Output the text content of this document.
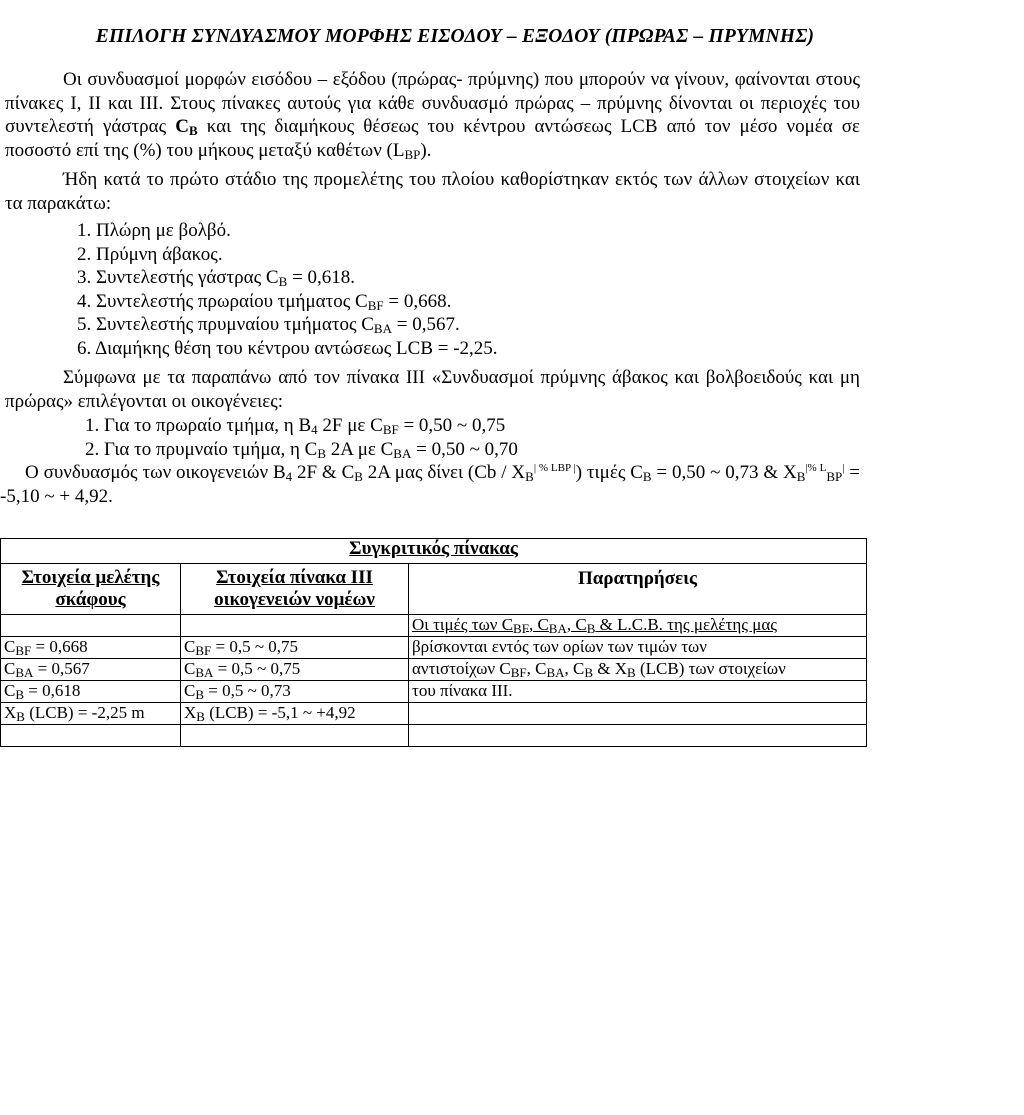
ΕΠΙΛΟΓΗ ΣΥΝΔΥΑΣΜΟΥ ΜΟΡΦΗΣ ΕΙΣΟΔΟΥ – ΕΞΟΔΟΥ (ΠΡΩΡΑΣ – ΠΡΥΜΝΗΣ)

Οι συνδυασμοί μορφών εισόδου – εξόδου (πρώρας- πρύμνης) που μπορούν να γίνουν, φαίνονται στους πίνακες I, II και III. Στους πίνακες αυτούς για κάθε συνδυασμό πρώρας – πρύμνης δίνονται οι περιοχές του συντελεστή γάστρας $C_B$ και της διαμήκους θέσεως του κέντρου αντώσεως LCB από τον μέσο νομέα σε ποσοστό επί της (%) του μήκους μεταξύ καθέτων $(L_{BP})$.

Ήδη κατά το πρώτο στάδιο της προμελέτης του πλοίου καθορίστηκαν εκτός των άλλων στοιχείων και τα παρακάτω:

1. Πλώρη με βολβό.
2. Πρύμνη άβακος.
3. Συντελεστής γάστρας $C_B = 0,618$.
4. Συντελεστής πρωραίου τμήματος $C_{BF} = 0,668$.
5. Συντελεστής πρυμναίου τμήματος $C_{BA} = 0,567$.
6. Διαμήκης θέση του κέντρου αντώσεως LCB = -2,25.

Σύμφωνα με τα παραπάνω από τον πίνακα III «Συνδυασμοί πρύμνης άβακος και βολβοειδούς και μη πρώρας» επιλέγονται οι οικογένειες:

1. Για το πρωραίο τμήμα, η $B_4$ 2F με $C_{BF} = 0,50$ ~ 0,75
2. Για το πρυμναίο τμήμα, η $C_B$ 2A με $C_{BA} = 0,50$ ~ 0,70

Ο συνδυασμός των οικογενειών $B_4$ 2F & $C_B$ 2A μας δίνει $(Cb / X_B^{| \% LBP |})$ τιμές $C_B = 0,50$ ~ 0,73 & $X_B^{|\% L}_{BP}^| = -5,10$ ~ + 4,92.

Συγκριτικός πίνακας		
Στοιχεία μελέτης σκάφους	Στοιχεία πίνακα III οικογενειών νομέων	Παρατηρήσεις
		Οι τιμές των $C_{BF}$, $C_{BA}$, $C_B$ & L.C.B. της μελέτης μας
$C_{BF} = 0,668$	$C_{BF} = 0,5$ ~ 0,75	βρίσκονται εντός των ορίων των τιμών των
$C_{BA} = 0,567$	$C_{BA} = 0,5$ ~ 0,75	αντιστοίχων $C_{BF}$, $C_{BA}$, $C_B$ & $X_B$ (LCB) των στοιχείων
$C_B = 0,618$	$C_B = 0,5$ ~ 0,73	του πίνακα III.
$X_B$ (LCB) = -2,25 m	$X_B$ (LCB) = -5,1 ~ +4,92	
